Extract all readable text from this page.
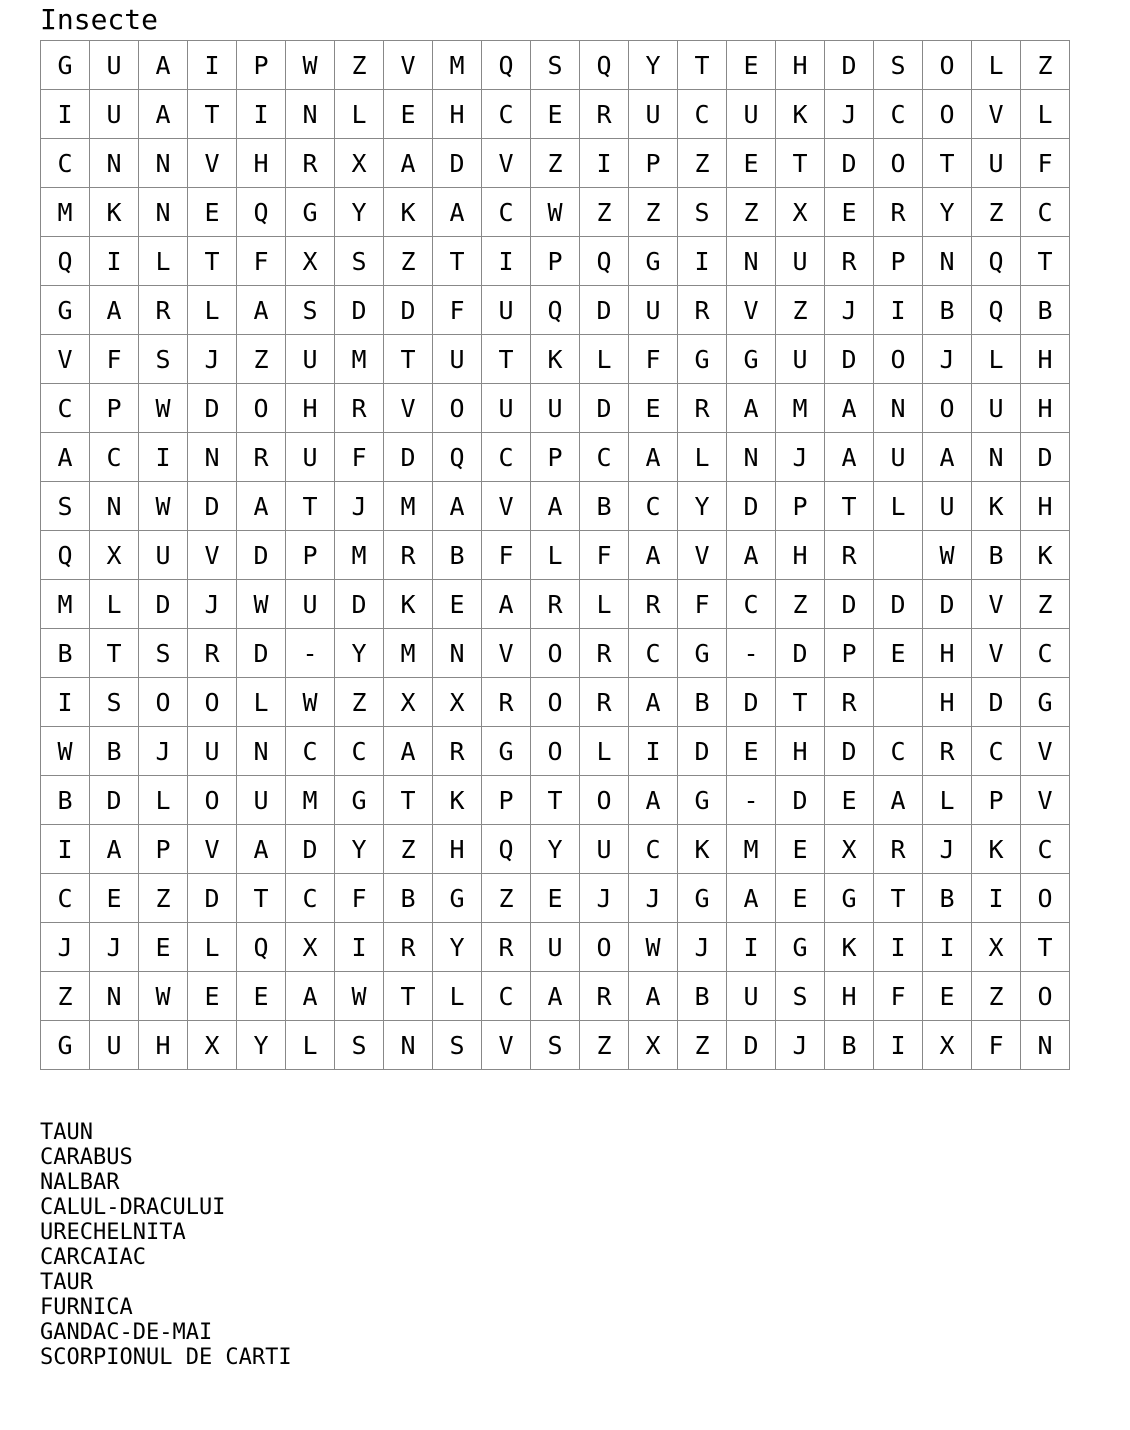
Insecte
G	U	A	I	P	W	Z	V	M	Q	S	Q	Y	T	E	H	D	S	O	L	Z
I	U	A	T	I	N	L	E	H	C	E	R	U	C	U	K	J	C	O	V	L
C	N	N	V	H	R	X	A	D	V	Z	I	P	Z	E	T	D	O	T	U	F
M	K	N	E	Q	G	Y	K	A	C	W	Z	Z	S	Z	X	E	R	Y	Z	C
Q	I	L	T	F	X	S	Z	T	I	P	Q	G	I	N	U	R	P	N	Q	T
G	A	R	L	A	S	D	D	F	U	Q	D	U	R	V	Z	J	I	B	Q	B
V	F	S	J	Z	U	M	T	U	T	K	L	F	G	G	U	D	O	J	L	H
C	P	W	D	O	H	R	V	O	U	U	D	E	R	A	M	A	N	O	U	H
A	C	I	N	R	U	F	D	Q	C	P	C	A	L	N	J	A	U	A	N	D
S	N	W	D	A	T	J	M	A	V	A	B	C	Y	D	P	T	L	U	K	H
Q	X	U	V	D	P	M	R	B	F	L	F	A	V	A	H	R		W	B	K
M	L	D	J	W	U	D	K	E	A	R	L	R	F	C	Z	D	D	D	V	Z
B	T	S	R	D	-	Y	M	N	V	O	R	C	G	-	D	P	E	H	V	C
I	S	O	O	L	W	Z	X	X	R	O	R	A	B	D	T	R		H	D	G
W	B	J	U	N	C	C	A	R	G	O	L	I	D	E	H	D	C	R	C	V
B	D	L	O	U	M	G	T	K	P	T	O	A	G	-	D	E	A	L	P	V
I	A	P	V	A	D	Y	Z	H	Q	Y	U	C	K	M	E	X	R	J	K	C
C	E	Z	D	T	C	F	B	G	Z	E	J	J	G	A	E	G	T	B	I	O
J	J	E	L	Q	X	I	R	Y	R	U	O	W	J	I	G	K	I	I	X	T
Z	N	W	E	E	A	W	T	L	C	A	R	A	B	U	S	H	F	E	Z	O
G	U	H	X	Y	L	S	N	S	V	S	Z	X	Z	D	J	B	I	X	F	N
TAUN
CARABUS
NALBAR
CALUL-DRACULUI
URECHELNITA
CARCAIAC
TAUR
FURNICA
GANDAC-DE-MAI
SCORPIONUL DE CARTI
